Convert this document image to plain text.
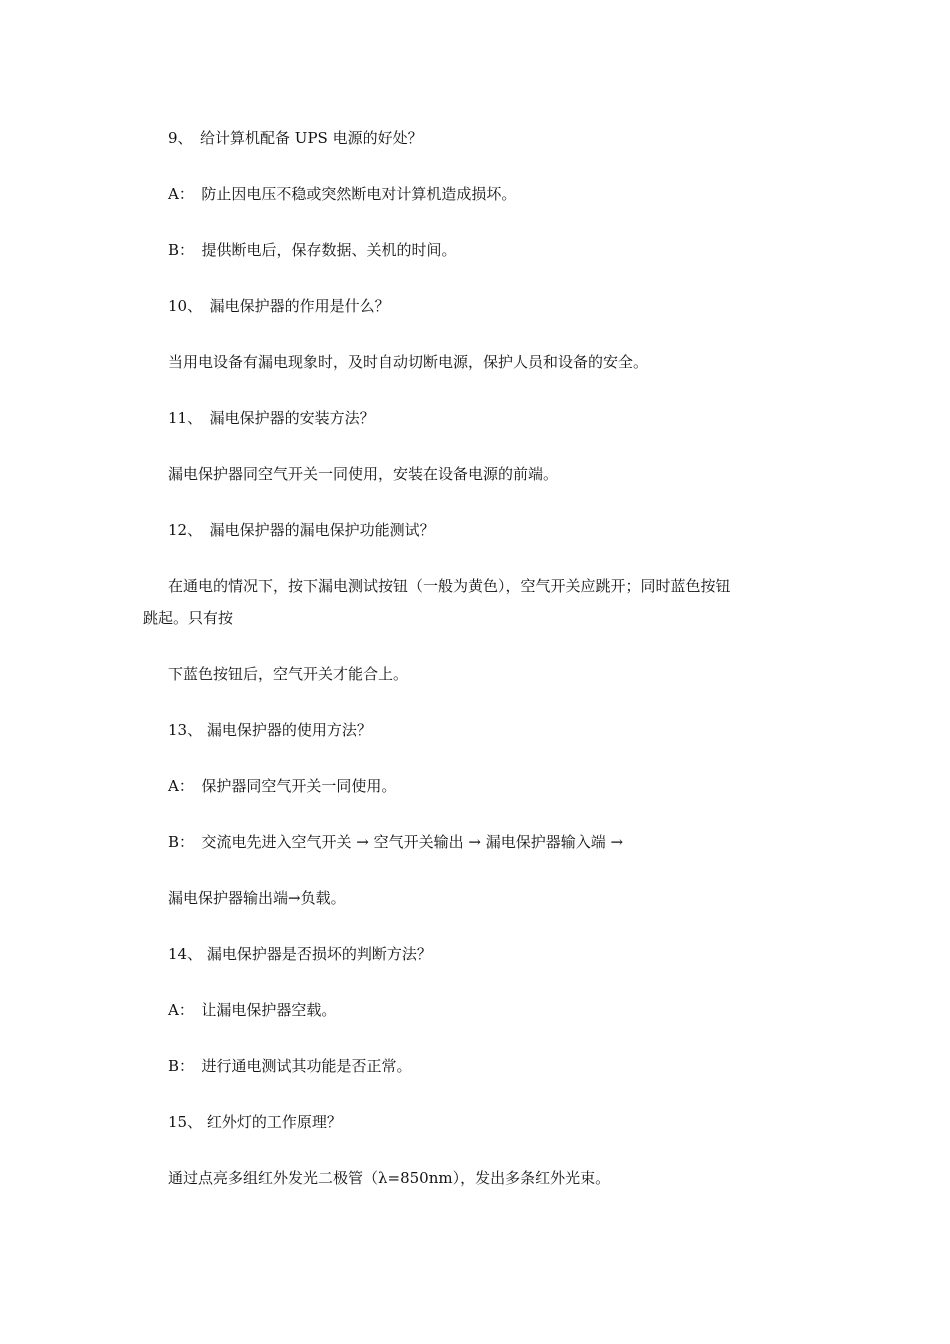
9、　给计算机配备 UPS 电源的好处？
A：　防止因电压不稳或突然断电对计算机造成损坏。
B：　提供断电后，保存数据、关机的时间。
10、　漏电保护器的作用是什么？
当用电设备有漏电现象时，及时自动切断电源，保护人员和设备的安全。
11、　漏电保护器的安装方法？
漏电保护器同空气开关一同使用，安装在设备电源的前端。
12、　漏电保护器的漏电保护功能测试？
在通电的情况下，按下漏电测试按钮（一般为黄色），空气开关应跳开；同时蓝色按钮
跳起。只有按
下蓝色按钮后，空气开关才能合上。
13、 漏电保护器的使用方法？
A：　保护器同空气开关一同使用。
B：　交流电先进入空气开关 → 空气开关输出 → 漏电保护器输入端 →
漏电保护器输出端→负载。
14、 漏电保护器是否损坏的判断方法？
A：　让漏电保护器空载。
B：　进行通电测试其功能是否正常。
15、 红外灯的工作原理？
通过点亮多组红外发光二极管（λ=850nm），发出多条红外光束。
